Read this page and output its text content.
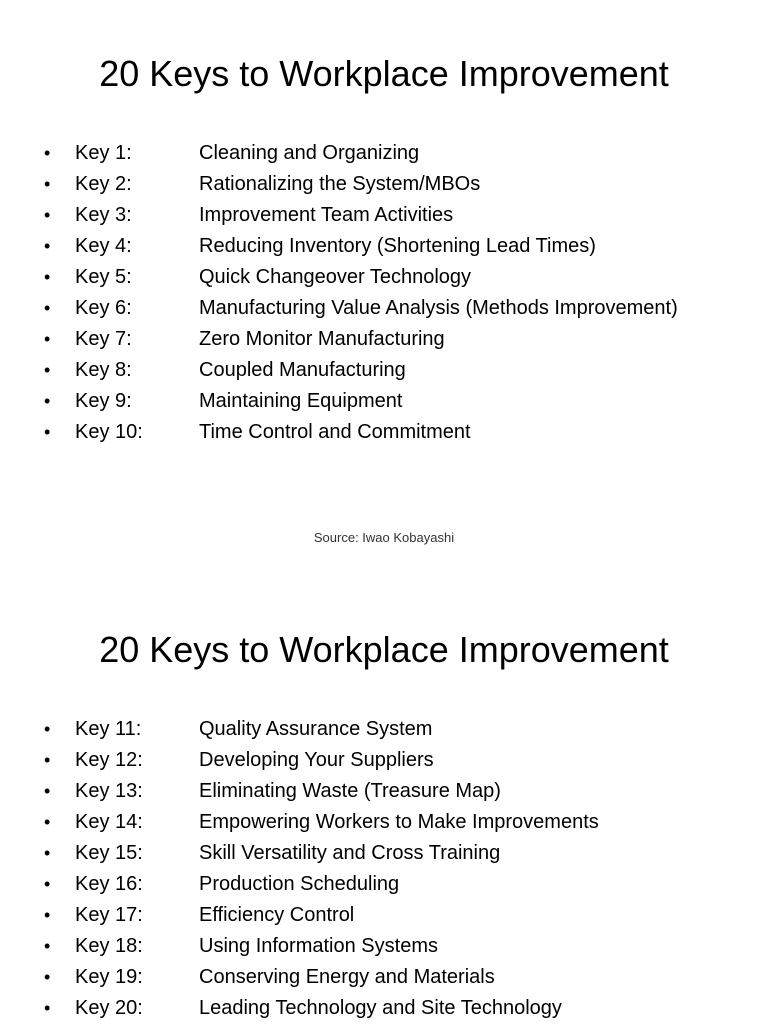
20 Keys to Workplace Improvement
• Key 1:	Cleaning and Organizing
• Key 2:	Rationalizing the System/MBOs
• Key 3:	Improvement Team Activities
• Key 4:	Reducing Inventory (Shortening Lead Times)
• Key 5:	Quick Changeover Technology
• Key 6:	Manufacturing Value Analysis (Methods Improvement)
• Key 7:	Zero Monitor Manufacturing
• Key 8:	Coupled Manufacturing
• Key 9:	Maintaining Equipment
• Key 10:	Time Control and Commitment
Source: Iwao Kobayashi
20 Keys to Workplace Improvement
• Key 11:	Quality Assurance System
• Key 12:	Developing Your Suppliers
• Key 13:	Eliminating Waste (Treasure Map)
• Key 14:	Empowering Workers to Make Improvements
• Key 15:	Skill Versatility and Cross Training
• Key 16:	Production Scheduling
• Key 17:	Efficiency Control
• Key 18:	Using Information Systems
• Key 19:	Conserving Energy and Materials
• Key 20:	Leading Technology and Site Technology
